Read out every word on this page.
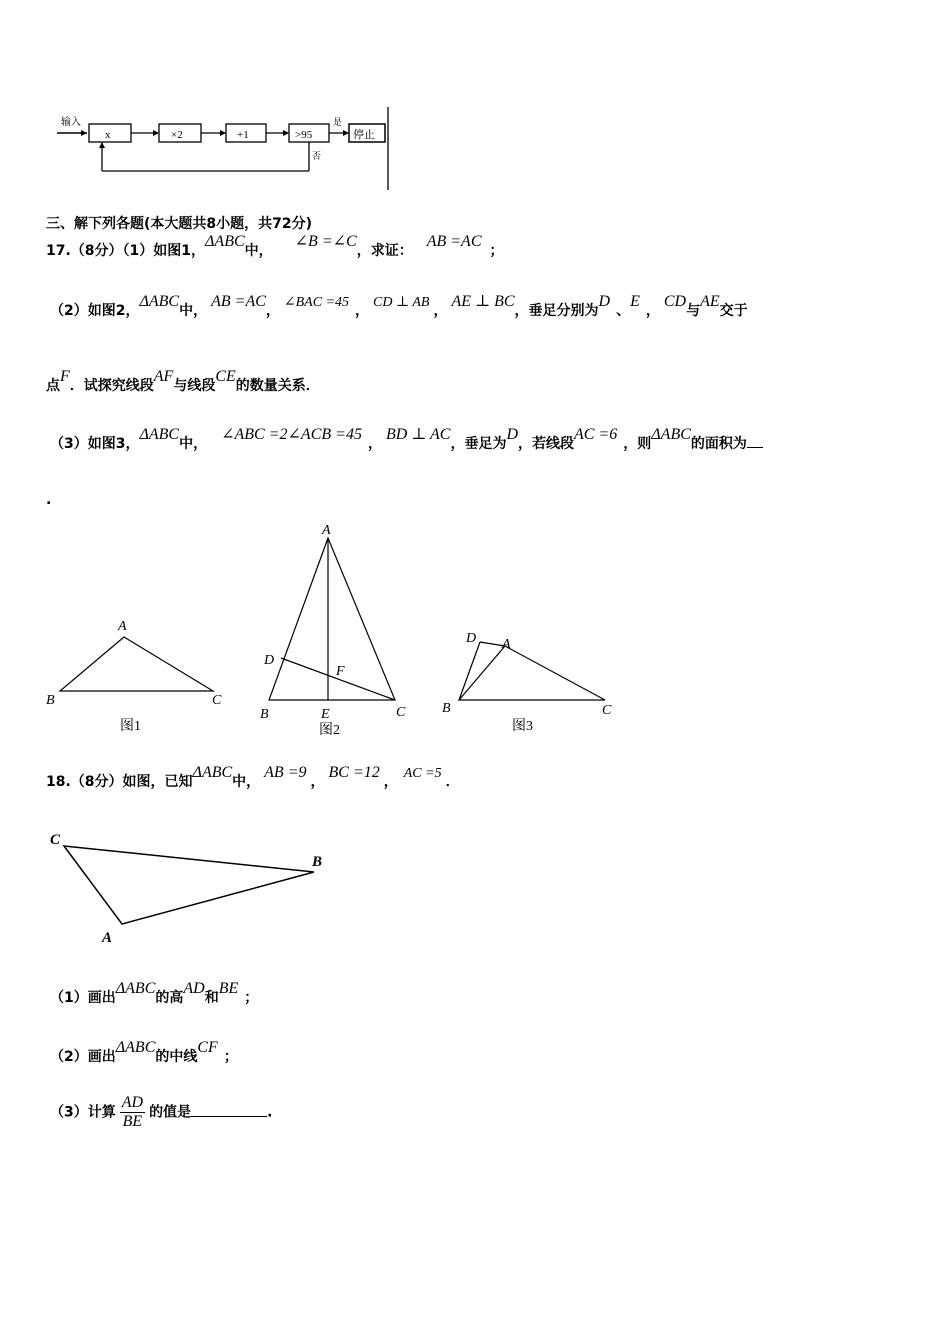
输入
x	×2	+1	>95
是
停止
否
三、解下列各题(本大题共8小题，共72分)
17.（8分）（1）如图1，ΔABC中，∠B =∠C，求证：AB =AC；
（2）如图2，ΔABC中，AB =AC，∠BAC =45，CD ⊥ AB，AE ⊥ BC，垂足分别为D、E，CD与AE交于
点F．试探究线段AF与线段CE的数量关系．
（3）如图3，ΔABC中，∠ABC =2∠ACB =45，BD ⊥ AC，垂足为D，若线段AC =6，则ΔABC的面积为
.
A
B	C
图1
A
D
F
B	E	C
图2
D A
B	C
图3
18.（8分）如图，已知ΔABC中，AB =9，BC =12，AC =5．
C
B
A
（1）画出ΔABC的高AD和BE；
（2）画出ΔABC的中线CF；
（3）计算 $\frac{AD}{BE}$ 的值是	.
